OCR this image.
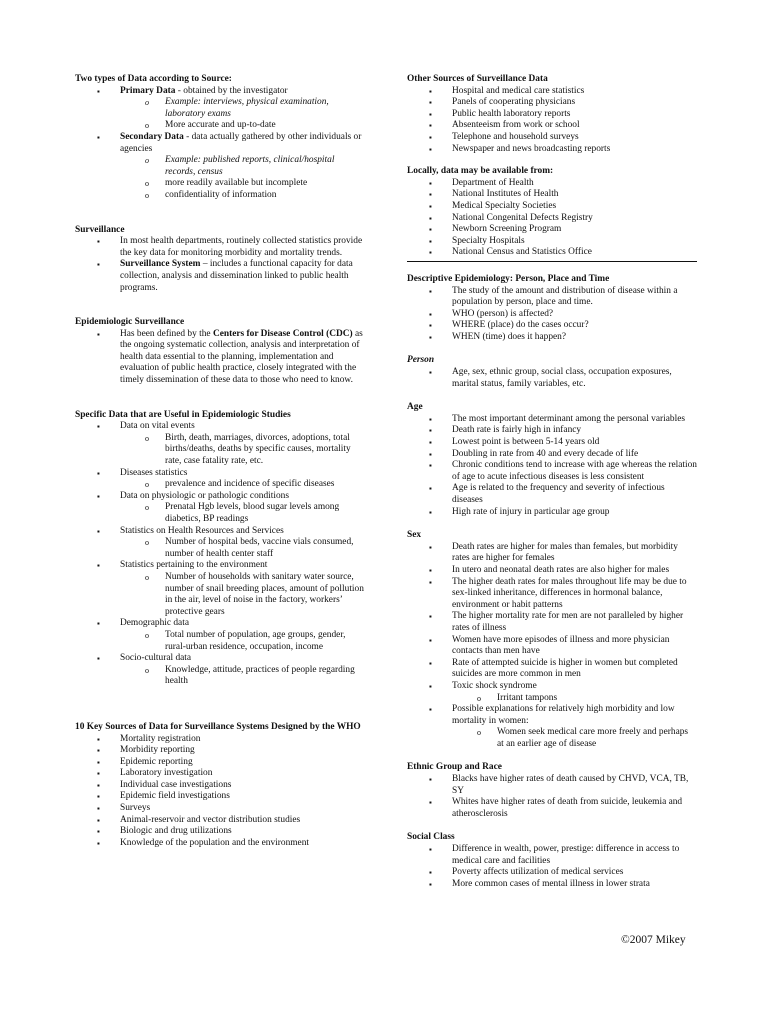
Two types of Data according to Source:

▪ Primary Data - obtained by the investigator
o Example: interviews, physical examination, laboratory exams
o More accurate and up-to-date
▪ Secondary Data - data actually gathered by other individuals or agencies
o Example: published reports, clinical/hospital records, census
o more readily available but incomplete
o confidentiality of information

Surveillance

▪ In most health departments, routinely collected statistics provide the key data for monitoring morbidity and mortality trends.
▪ Surveillance System – includes a functional capacity for data collection, analysis and dissemination linked to public health programs.

Epidemiologic Surveillance

▪ Has been defined by the Centers for Disease Control (CDC) as the ongoing systematic collection, analysis and interpretation of health data essential to the planning, implementation and evaluation of public health practice, closely integrated with the timely dissemination of these data to those who need to know.

Specific Data that are Useful in Epidemiologic Studies

▪ Data on vital events
o Birth, death, marriages, divorces, adoptions, total births/deaths, deaths by specific causes, mortality rate, case fatality rate, etc.
▪ Diseases statistics
o prevalence and incidence of specific diseases
▪ Data on physiologic or pathologic conditions
o Prenatal Hgb levels, blood sugar levels among diabetics, BP readings
▪ Statistics on Health Resources and Services
o Number of hospital beds, vaccine vials consumed, number of health center staff
▪ Statistics pertaining to the environment
o Number of households with sanitary water source, number of snail breeding places, amount of pollution in the air, level of noise in the factory, workers’ protective gears
▪ Demographic data
o Total number of population, age groups, gender, rural-urban residence, occupation, income
▪ Socio-cultural data
o Knowledge, attitude, practices of people regarding health

10 Key Sources of Data for Surveillance Systems Designed by the WHO

▪ Mortality registration
▪ Morbidity reporting
▪ Epidemic reporting
▪ Laboratory investigation
▪ Individual case investigations
▪ Epidemic field investigations
▪ Surveys
▪ Animal-reservoir and vector distribution studies
▪ Biologic and drug utilizations
▪ Knowledge of the population and the environment

Other Sources of Surveillance Data

▪ Hospital and medical care statistics
▪ Panels of cooperating physicians
▪ Public health laboratory reports
▪ Absenteeism from work or school
▪ Telephone and household surveys
▪ Newspaper and news broadcasting reports

Locally, data may be available from:

▪ Department of Health
▪ National Institutes of Health
▪ Medical Specialty Societies
▪ National Congenital Defects Registry
▪ Newborn Screening Program
▪ Specialty Hospitals
▪ National Census and Statistics Office

Descriptive Epidemiology: Person, Place and Time

▪ The study of the amount and distribution of disease within a population by person, place and time.
▪ WHO (person) is affected?
▪ WHERE (place) do the cases occur?
▪ WHEN (time) does it happen?

Person

▪ Age, sex, ethnic group, social class, occupation exposures, marital status, family variables, etc.

Age

▪ The most important determinant among the personal variables
▪ Death rate is fairly high in infancy
▪ Lowest point is between 5-14 years old
▪ Doubling in rate from 40 and every decade of life
▪ Chronic conditions tend to increase with age whereas the relation of age to acute infectious diseases is less consistent
▪ Age is related to the frequency and severity of infectious diseases
▪ High rate of injury in particular age group

Sex

▪ Death rates are higher for males than females, but morbidity rates are higher for females
▪ In utero and neonatal death rates are also higher for males
▪ The higher death rates for males throughout life may be due to sex-linked inheritance, differences in hormonal balance, environment or habit patterns
▪ The higher mortality rate for men are not paralleled by higher rates of illness
▪ Women have more episodes of illness and more physician contacts than men have
▪ Rate of attempted suicide is higher in women but completed suicides are more common in men
▪ Toxic shock syndrome
o Irritant tampons
▪ Possible explanations for relatively high morbidity and low mortality in women:
o Women seek medical care more freely and perhaps at an earlier age of disease

Ethnic Group and Race

▪ Blacks have higher rates of death caused by CHVD, VCA, TB, SY
▪ Whites have higher rates of death from suicide, leukemia and atherosclerosis

Social Class

▪ Difference in wealth, power, prestige: difference in access to medical care and facilities
▪ Poverty affects utilization of medical services
▪ More common cases of mental illness in lower strata
©2007 Mikey
